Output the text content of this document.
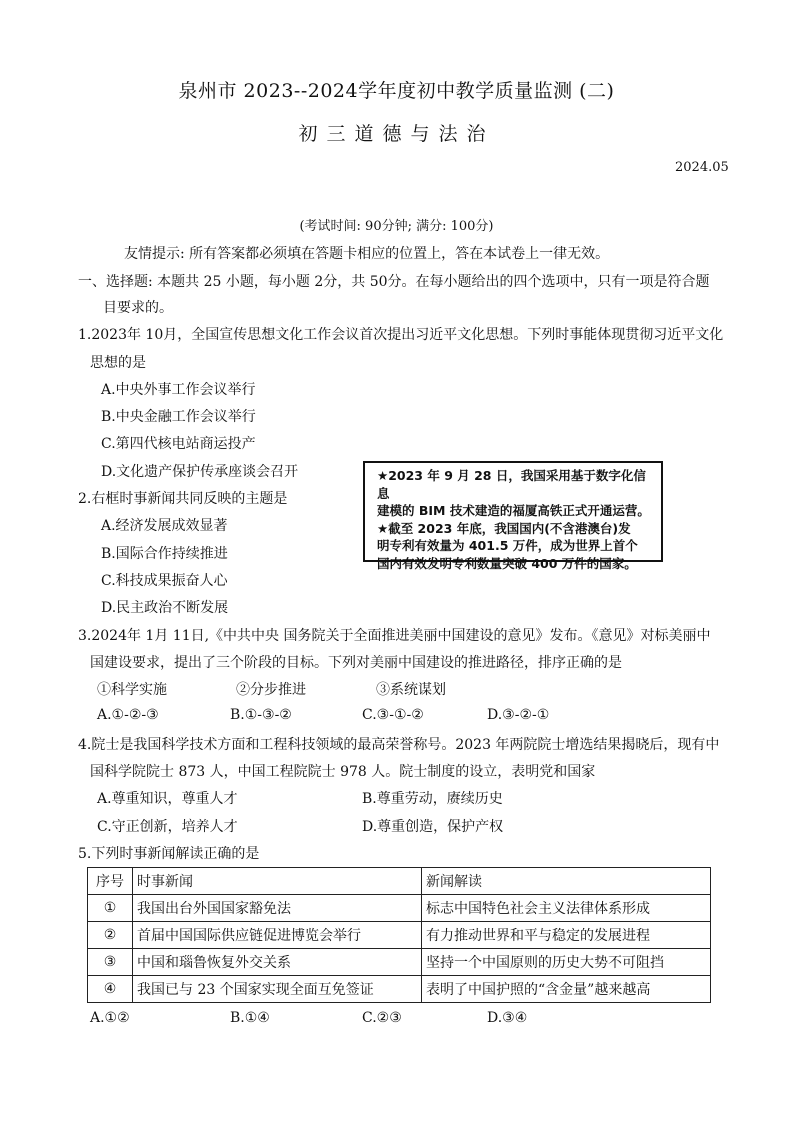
泉州市 2023--2024学年度初中教学质量监测 (二)
初三道德与法治
2024.05
(考试时间: 90分钟; 满分: 100分)
友情提示: 所有答案都必须填在答题卡相应的位置上，答在本试卷上一律无效。
一、选择题: 本题共 25 小题，每小题 2分，共 50分。在每小题给出的四个选项中，只有一项是符合题
目要求的。
1.2023年 10月，全国宣传思想文化工作会议首次提出习近平文化思想。下列时事能体现贯彻习近平文化
思想的是
A.中央外事工作会议举行
B.中央金融工作会议举行
C.第四代核电站商运投产
D.文化遗产保护传承座谈会召开
2.右框时事新闻共同反映的主题是
A.经济发展成效显著
B.国际合作持续推进
C.科技成果振奋人心
D.民主政治不断发展

★2023 年 9 月 28 日，我国采用基于数字化信息

建模的 BIM 技术建造的福厦高铁正式开通运营。

★截至 2023 年底，我国国内(不含港澳台)发

明专利有效量为 401.5 万件，成为世界上首个

国内有效发明专利数量突破 400 万件的国家。

3.2024年 1月 11日,《中共中央 国务院关于全面推进美丽中国建设的意见》发布。《意见》对标美丽中
国建设要求，提出了三个阶段的目标。下列对美丽中国建设的推进路径，排序正确的是
①科学实施	②分步推进	③系统谋划
A.①-②-③	B.①-③-②	C.③-①-②	D.③-②-①
4.院士是我国科学技术方面和工程科技领域的最高荣誉称号。2023 年两院院士增选结果揭晓后，现有中
国科学院院士 873 人，中国工程院院士 978 人。院士制度的设立，表明党和国家
A.尊重知识，尊重人才	B.尊重劳动，赓续历史
C.守正创新，培养人才	D.尊重创造，保护产权
5.下列时事新闻解读正确的是
序号	时事新闻	新闻解读
①	我国出台外国国家豁免法	标志中国特色社会主义法律体系形成
②	首届中国国际供应链促进博览会举行	有力推动世界和平与稳定的发展进程
③	中国和瑙鲁恢复外交关系	坚持一个中国原则的历史大势不可阻挡
④	我国已与 23 个国家实现全面互免签证	表明了中国护照的“含金量”越来越高
A.①②	B.①④	C.②③	D.③④
